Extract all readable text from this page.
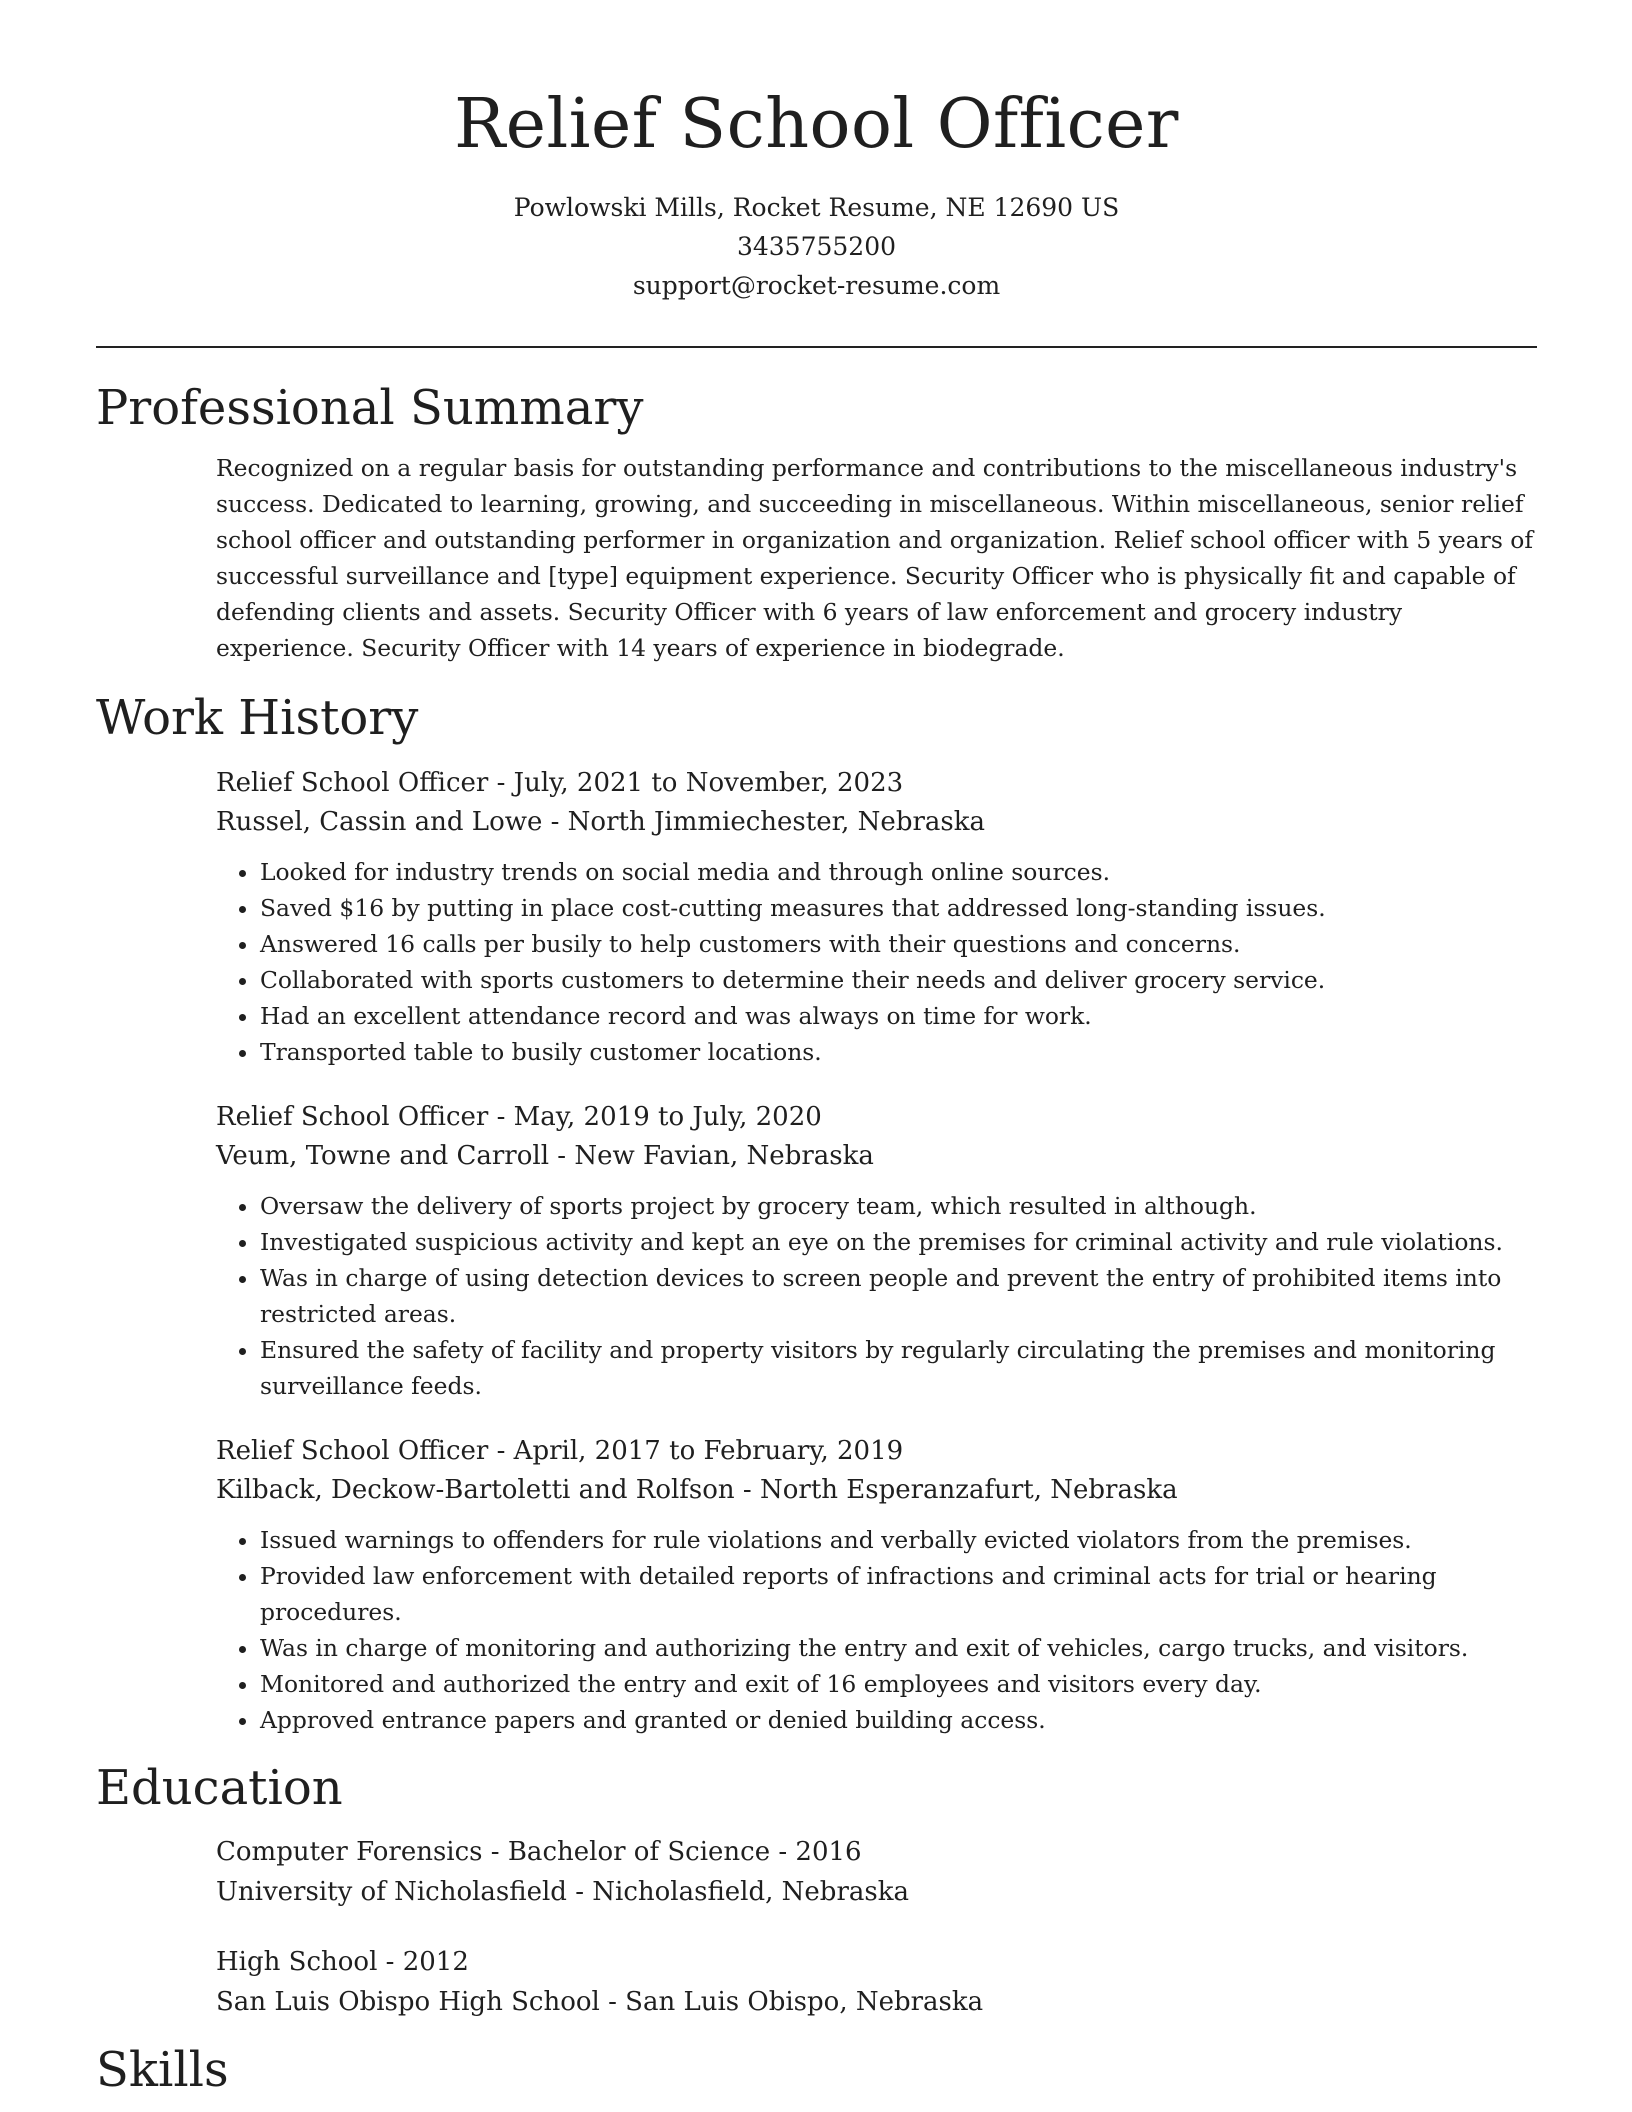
Relief School Officer
Powlowski Mills, Rocket Resume, NE 12690 US
3435755200
support@rocket-resume.com
Professional Summary

Recognized on a regular basis for outstanding performance and contributions to the miscellaneous industry's success. Dedicated to learning, growing, and succeeding in miscellaneous. Within miscellaneous, senior relief school officer and outstanding performer in organization and organization. Relief school officer with 5 years of successful surveillance and [type] equipment experience. Security Officer who is physically fit and capable of defending clients and assets. Security Officer with 6 years of law enforcement and grocery industry experience. Security Officer with 14 years of experience in biodegrade.

Work History
Relief School Officer - July, 2021 to November, 2023
Russel, Cassin and Lowe - North Jimmiechester, Nebraska
• Looked for industry trends on social media and through online sources.
• Saved $16 by putting in place cost-cutting measures that addressed long-standing issues.
• Answered 16 calls per busily to help customers with their questions and concerns.
• Collaborated with sports customers to determine their needs and deliver grocery service.
• Had an excellent attendance record and was always on time for work.
• Transported table to busily customer locations.
Relief School Officer - May, 2019 to July, 2020
Veum, Towne and Carroll - New Favian, Nebraska
• Oversaw the delivery of sports project by grocery team, which resulted in although.
• Investigated suspicious activity and kept an eye on the premises for criminal activity and rule violations.
• Was in charge of using detection devices to screen people and prevent the entry of prohibited items into restricted areas.
• Ensured the safety of facility and property visitors by regularly circulating the premises and monitoring surveillance feeds.
Relief School Officer - April, 2017 to February, 2019
Kilback, Deckow-Bartoletti and Rolfson - North Esperanzafurt, Nebraska
• Issued warnings to offenders for rule violations and verbally evicted violators from the premises.
• Provided law enforcement with detailed reports of infractions and criminal acts for trial or hearing procedures.
• Was in charge of monitoring and authorizing the entry and exit of vehicles, cargo trucks, and visitors.
• Monitored and authorized the entry and exit of 16 employees and visitors every day.
• Approved entrance papers and granted or denied building access.
Education
Computer Forensics - Bachelor of Science - 2016
University of Nicholasfield - Nicholasfield, Nebraska
High School - 2012
San Luis Obispo High School - San Luis Obispo, Nebraska
Skills
